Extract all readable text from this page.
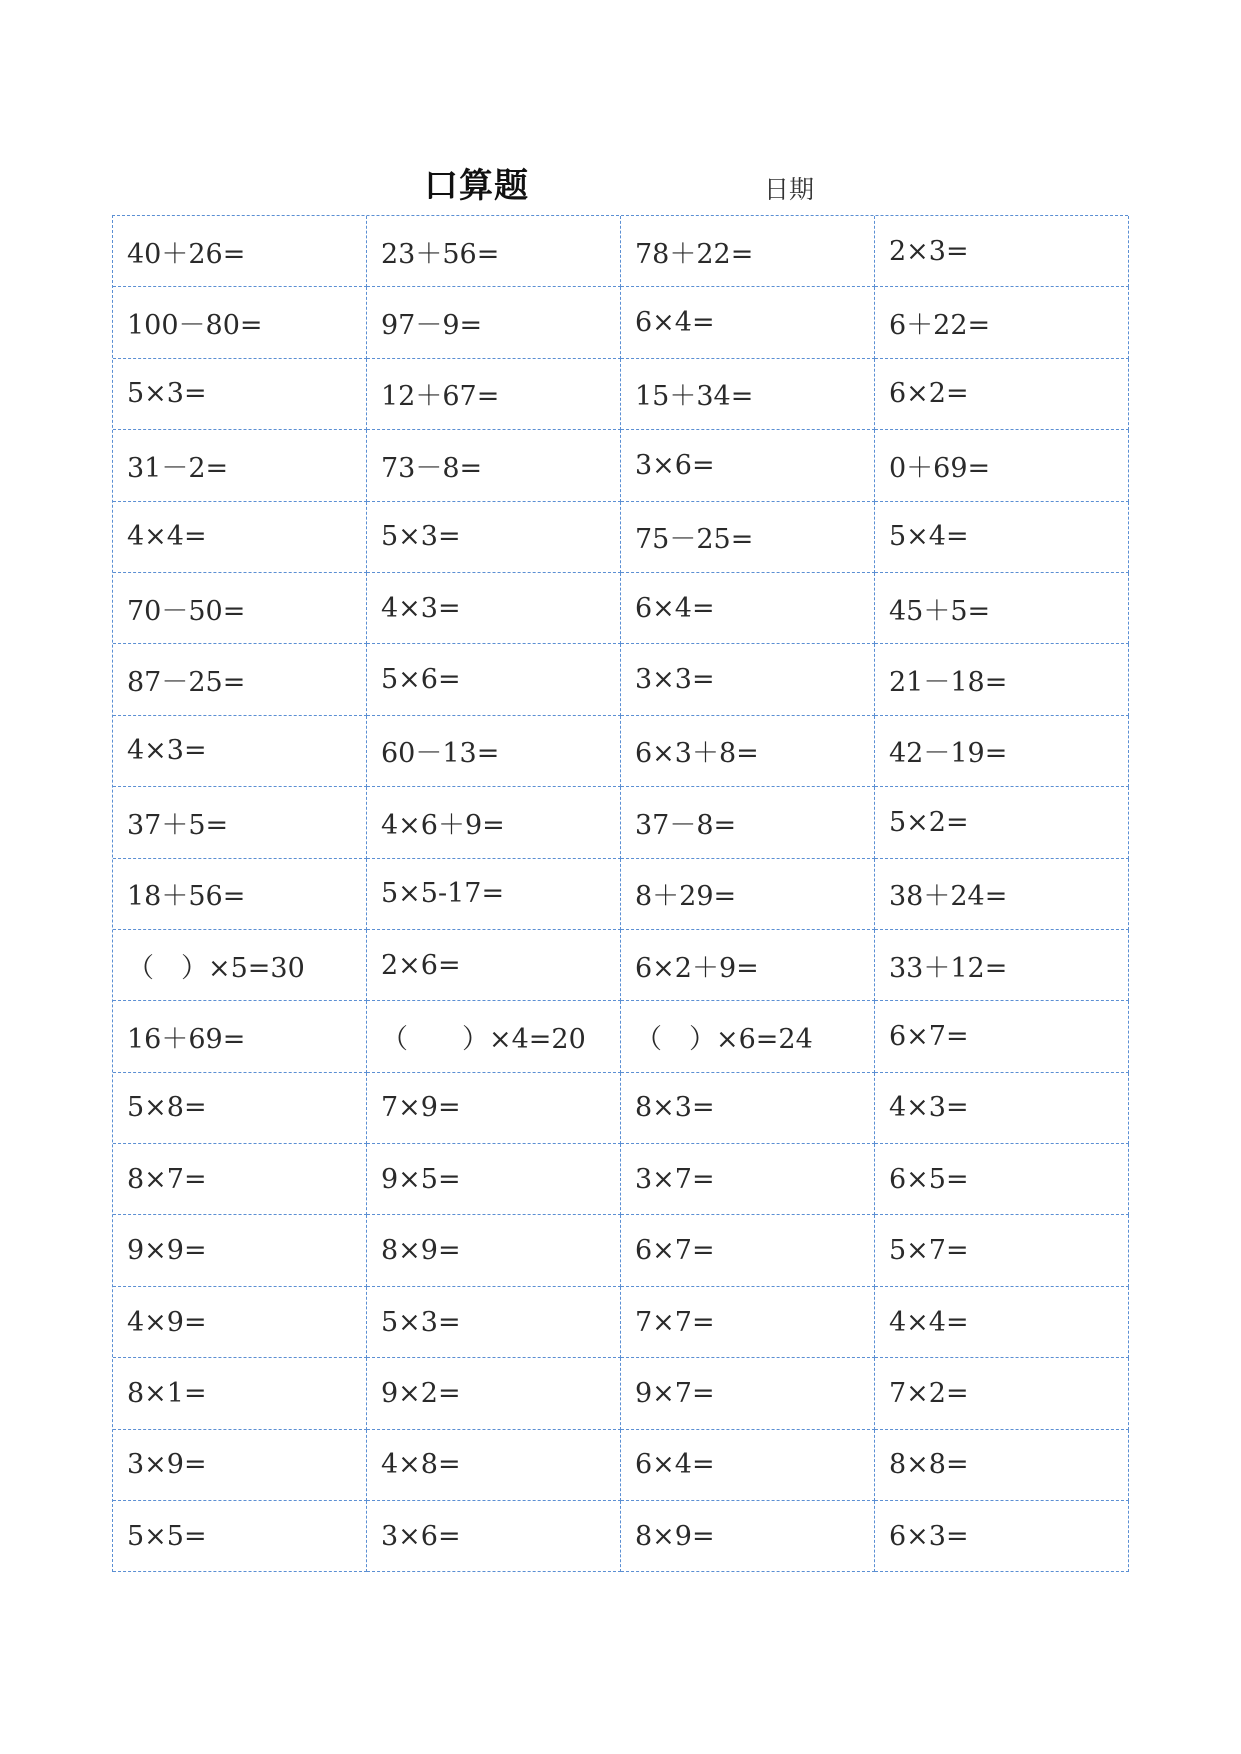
口算题	日期
40＋26=	23＋56=	78＋22=	2×3=
100－80=	97－9=	6×4=	6＋22=
5×3=	12＋67=	15＋34=	6×2=
31－2=	73－8=	3×6=	0＋69=
4×4=	5×3=	75－25=	5×4=
70－50=	4×3=	6×4=	45＋5=
87－25=	5×6=	3×3=	21－18=
4×3=	60－13=	6×3＋8=	42－19=
37＋5=	4×6＋9=	37－8=	5×2=
18＋56=	5×5-17=	8＋29=	38＋24=
（　）×5=30	2×6=	6×2＋9=	33＋12=
16＋69=	（　　）×4=20	（　）×6=24	6×7=
5×8=	7×9=	8×3=	4×3=
8×7=	9×5=	3×7=	6×5=
9×9=	8×9=	6×7=	5×7=
4×9=	5×3=	7×7=	4×4=
8×1=	9×2=	9×7=	7×2=
3×9=	4×8=	6×4=	8×8=
5×5=	3×6=	8×9=	6×3=
